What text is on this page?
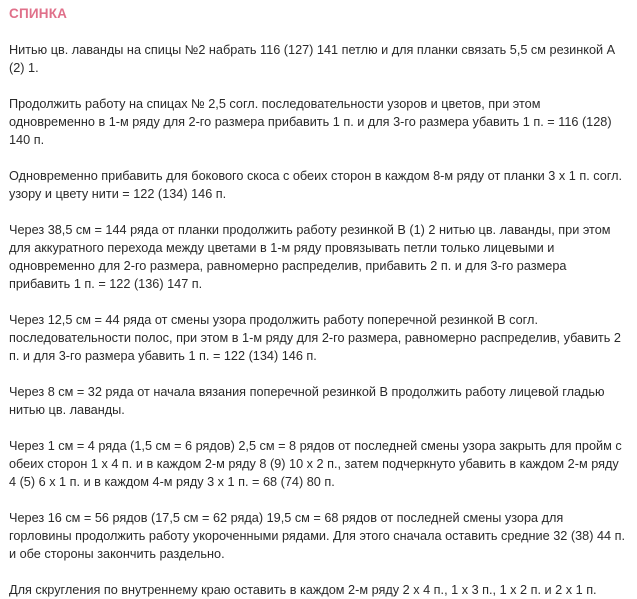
СПИНКА
Нитью цв. лаванды на спицы №2 набрать 116 (127) 141 петлю и для планки связать 5,5 см резинкой А (2) 1.
Продолжить работу на спицах № 2,5 согл. последовательности узоров и цветов, при этом одновременно в 1-м ряду для 2-го размера прибавить 1 п. и для 3-го размера убавить 1 п. = 116 (128) 140 п.
Одновременно прибавить для бокового скоса с обеих сторон в каждом 8-м ряду от планки 3 х 1 п. согл. узору и цвету нити = 122 (134) 146 п.
Через 38,5 см = 144 ряда от планки продолжить работу резинкой В (1) 2 нитью цв. лаванды, при этом для аккуратного перехода между цветами в 1-м ряду провязывать петли только лицевыми и одновременно для 2-го размера, равномерно распределив, прибавить 2 п. и для 3-го размера прибавить 1 п. = 122 (136) 147 п.
Через 12,5 см = 44 ряда от смены узора продолжить работу поперечной резинкой В согл. последовательности полос, при этом в 1-м ряду для 2-го размера, равномерно распределив, убавить 2 п. и для 3-го размера убавить 1 п. = 122 (134) 146 п.
Через 8 см = 32 ряда от начала вязания поперечной резинкой В продолжить работу лицевой гладью нитью цв. лаванды.
Через 1 см = 4 ряда (1,5 см = 6 рядов) 2,5 см = 8 рядов от последней смены узора закрыть для пройм с обеих сторон 1 х 4 п. и в каждом 2-м ряду 8 (9) 10 х 2 п., затем подчеркнуто убавить в каждом 2-м ряду 4 (5) 6 х 1 п. и в каждом 4-м ряду 3 х 1 п. = 68 (74) 80 п.
Через 16 см = 56 рядов (17,5 см = 62 ряда) 19,5 см = 68 рядов от последней смены узора для горловины продолжить работу укороченными рядами. Для этого сначала оставить средние 32 (38) 44 п. и обе стороны закончить раздельно.
Для скругления по внутреннему краю оставить в каждом 2-м ряду 2 х 4 п., 1 х 3 п., 1 х 2 п. и 2 х 1 п.
